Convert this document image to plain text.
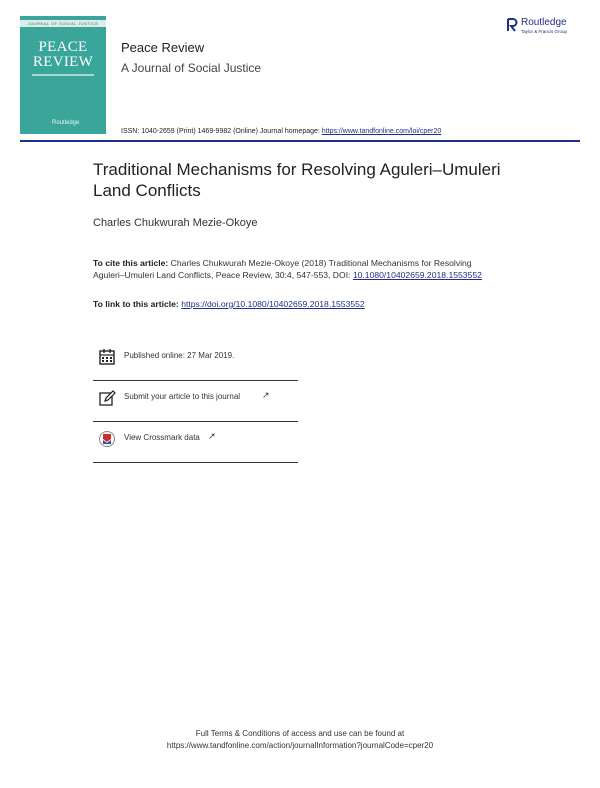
JOURNAL OF SOCIAL JUSTICE
PEACE
REVIEW
Routledge
Peace Review
A Journal of Social Justice
Routledge
Taylor & Francis Group
ISSN: 1040-2659 (Print) 1469-9982 (Online) Journal homepage: https://www.tandfonline.com/loi/cper20
Traditional Mechanisms for Resolving Aguleri–Umuleri Land Conflicts
Charles Chukwurah Mezie-Okoye
To cite this article: Charles Chukwurah Mezie-Okoye (2018) Traditional Mechanisms for Resolving Aguleri–Umuleri Land Conflicts, Peace Review, 30:4, 547-553, DOI: 10.1080/10402659.2018.1553552
To link to this article: https://doi.org/10.1080/10402659.2018.1553552
Published online: 27 Mar 2019.
Submit your article to this journal ↗
View Crossmark data ↗
Full Terms & Conditions of access and use can be found at
https://www.tandfonline.com/action/journalInformation?journalCode=cper20
